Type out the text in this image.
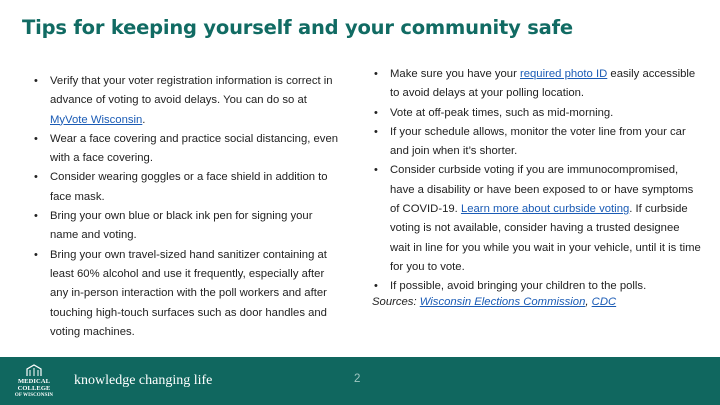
Tips for keeping yourself and your community safe
• Verify that your voter registration information is correct in advance of voting to avoid delays. You can do so at MyVote Wisconsin.
• Wear a face covering and practice social distancing, even with a face covering.
• Consider wearing goggles or a face shield in addition to face mask.
• Bring your own blue or black ink pen for signing your name and voting.
• Bring your own travel-sized hand sanitizer containing at least 60% alcohol and use it frequently, especially after any in-person interaction with the poll workers and after touching high-touch surfaces such as door handles and voting machines.
• Make sure you have your required photo ID easily accessible to avoid delays at your polling location.
• Vote at off-peak times, such as mid-morning.
• If your schedule allows, monitor the voter line from your car and join when it’s shorter.
• Consider curbside voting if you are immunocompromised, have a disability or have been exposed to or have symptoms of COVID-19. Learn more about curbside voting. If curbside voting is not available, consider having a trusted designee wait in line for you while you wait in your vehicle, until it is time for you to vote.
• If possible, avoid bringing your children to the polls.
Sources: Wisconsin Elections Commission, CDC
MEDICAL
COLLEGE
OF WISCONSIN
knowledge changing life	2
